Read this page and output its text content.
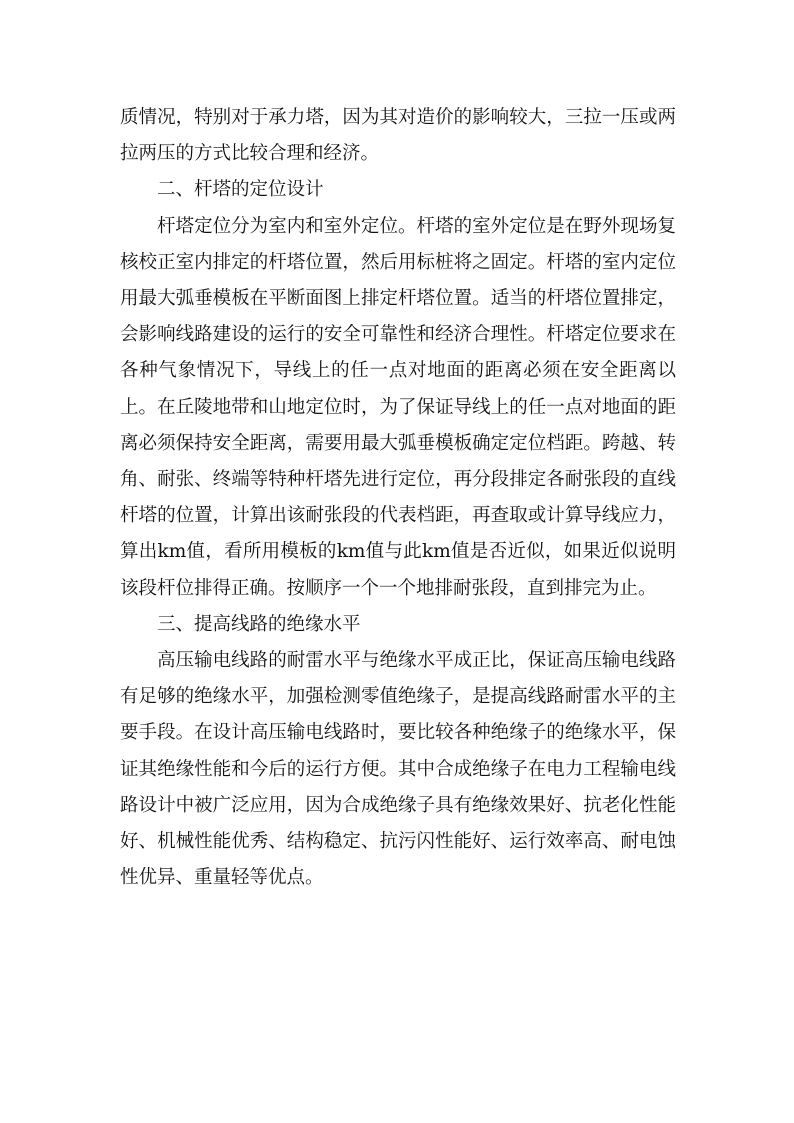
质情况，特别对于承力塔，因为其对造价的影响较大，三拉一压或两拉两压的方式比较合理和经济。

二、杆塔的定位设计

杆塔定位分为室内和室外定位。杆塔的室外定位是在野外现场复核校正室内排定的杆塔位置，然后用标桩将之固定。杆塔的室内定位用最大弧垂模板在平断面图上排定杆塔位置。适当的杆塔位置排定，会影响线路建设的运行的安全可靠性和经济合理性。杆塔定位要求在各种气象情况下，导线上的任一点对地面的距离必须在安全距离以上。在丘陵地带和山地定位时，为了保证导线上的任一点对地面的距离必须保持安全距离，需要用最大弧垂模板确定定位档距。跨越、转角、耐张、终端等特种杆塔先进行定位，再分段排定各耐张段的直线杆塔的位置，计算出该耐张段的代表档距，再查取或计算导线应力，算出km值，看所用模板的km值与此km值是否近似，如果近似说明该段杆位排得正确。按顺序一个一个地排耐张段，直到排完为止。

三、提高线路的绝缘水平

高压输电线路的耐雷水平与绝缘水平成正比，保证高压输电线路有足够的绝缘水平，加强检测零值绝缘子，是提高线路耐雷水平的主要手段。在设计高压输电线路时，要比较各种绝缘子的绝缘水平，保证其绝缘性能和今后的运行方便。其中合成绝缘子在电力工程输电线路设计中被广泛应用，因为合成绝缘子具有绝缘效果好、抗老化性能好、机械性能优秀、结构稳定、抗污闪性能好、运行效率高、耐电蚀性优异、重量轻等优点。
